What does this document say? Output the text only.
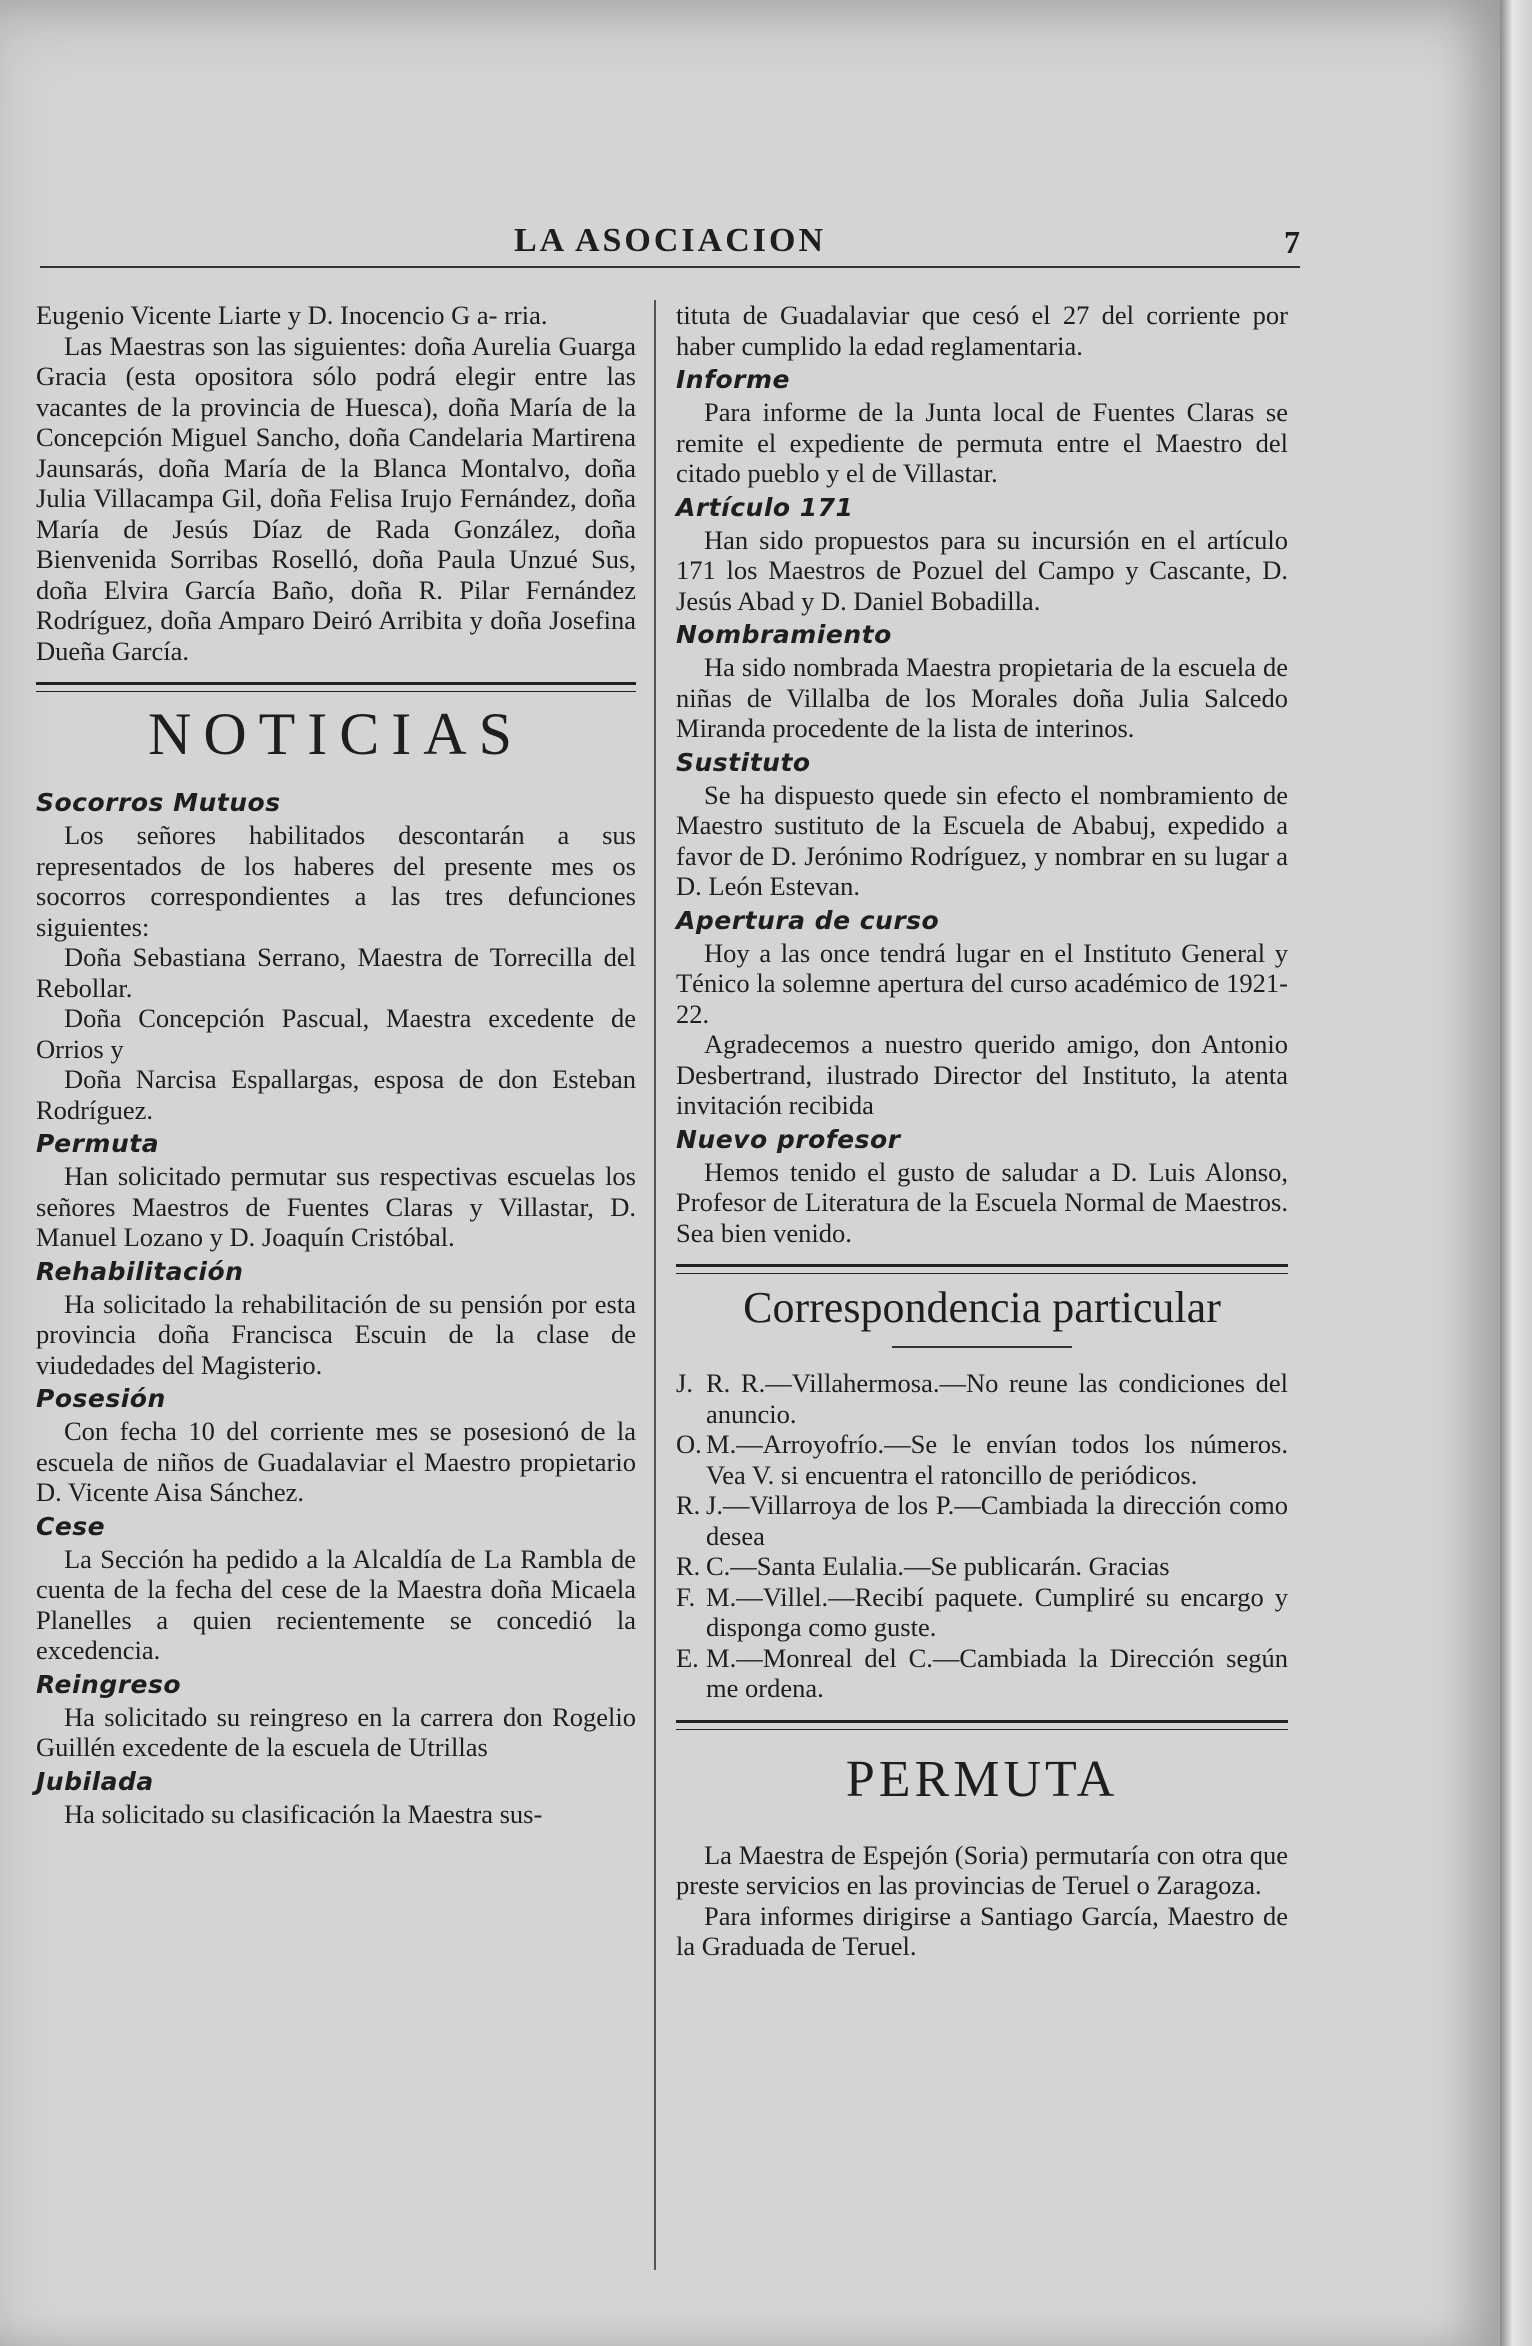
LA ASOCIACION	7

Eugenio Vicente Liarte y D. Inocencio G a- rria.

Las Maestras son las siguientes: doña Aurelia Guarga Gracia (esta opositora sólo podrá elegir entre las vacantes de la provincia de Huesca), doña María de la Concepción Miguel Sancho, doña Candelaria Martirena Jaunsarás, doña María de la Blanca Montalvo, doña Julia Villacampa Gil, doña Felisa Irujo Fernández, doña María de Jesús Díaz de Rada González, doña Bienvenida Sorribas Roselló, doña Paula Unzué Sus, doña Elvira García Baño, doña R. Pilar Fernández Rodríguez, doña Amparo Deiró Arribita y doña Josefina Dueña García.

NOTICIAS
Socorros Mutuos

Los señores habilitados descontarán a sus representados de los haberes del presente mes os socorros correspondientes a las tres defunciones siguientes:

Doña Sebastiana Serrano, Maestra de Torrecilla del Rebollar.

Doña Concepción Pascual, Maestra excedente de Orrios y

Doña Narcisa Espallargas, esposa de don Esteban Rodríguez.

Permuta

Han solicitado permutar sus respectivas escuelas los señores Maestros de Fuentes Claras y Villastar, D. Manuel Lozano y D. Joaquín Cristóbal.

Rehabilitación

Ha solicitado la rehabilitación de su pensión por esta provincia doña Francisca Escuin de la clase de viudedades del Magisterio.

Posesión

Con fecha 10 del corriente mes se posesionó de la escuela de niños de Guadalaviar el Maestro propietario D. Vicente Aisa Sánchez.

Cese

La Sección ha pedido a la Alcaldía de La Rambla de cuenta de la fecha del cese de la Maestra doña Micaela Planelles a quien recientemente se concedió la excedencia.

Reingreso

Ha solicitado su reingreso en la carrera don Rogelio Guillén excedente de la escuela de Utrillas

Jubilada

Ha solicitado su clasificación la Maestra sus-

tituta de Guadalaviar que cesó el 27 del corriente por haber cumplido la edad reglamentaria.

Informe

Para informe de la Junta local de Fuentes Claras se remite el expediente de permuta entre el Maestro del citado pueblo y el de Villastar.

Artículo 171

Han sido propuestos para su incursión en el artículo 171 los Maestros de Pozuel del Campo y Cascante, D. Jesús Abad y D. Daniel Bobadilla.

Nombramiento

Ha sido nombrada Maestra propietaria de la escuela de niñas de Villalba de los Morales doña Julia Salcedo Miranda procedente de la lista de interinos.

Sustituto

Se ha dispuesto quede sin efecto el nombramiento de Maestro sustituto de la Escuela de Ababuj, expedido a favor de D. Jerónimo Rodríguez, y nombrar en su lugar a D. León Estevan.

Apertura de curso

Hoy a las once tendrá lugar en el Instituto General y Ténico la solemne apertura del curso académico de 1921-22.

Agradecemos a nuestro querido amigo, don Antonio Desbertrand, ilustrado Director del Instituto, la atenta invitación recibida

Nuevo profesor

Hemos tenido el gusto de saludar a D. Luis Alonso, Profesor de Literatura de la Escuela Normal de Maestros. Sea bien venido.

Correspondencia particular

J. R. R.—Villahermosa.—No reune las condiciones del anuncio.

O. M.—Arroyofrío.—Se le envían todos los números. Vea V. si encuentra el ratoncillo de periódicos.

R. J.—Villarroya de los P.—Cambiada la dirección como desea

R. C.—Santa Eulalia.—Se publicarán. Gracias

F. M.—Villel.—Recibí paquete. Cumpliré su encargo y disponga como guste.

E. M.—Monreal del C.—Cambiada la Dirección según me ordena.

PERMUTA

La Maestra de Espejón (Soria) permutaría con otra que preste servicios en las provincias de Teruel o Zaragoza.

Para informes dirigirse a Santiago García, Maestro de la Graduada de Teruel.
